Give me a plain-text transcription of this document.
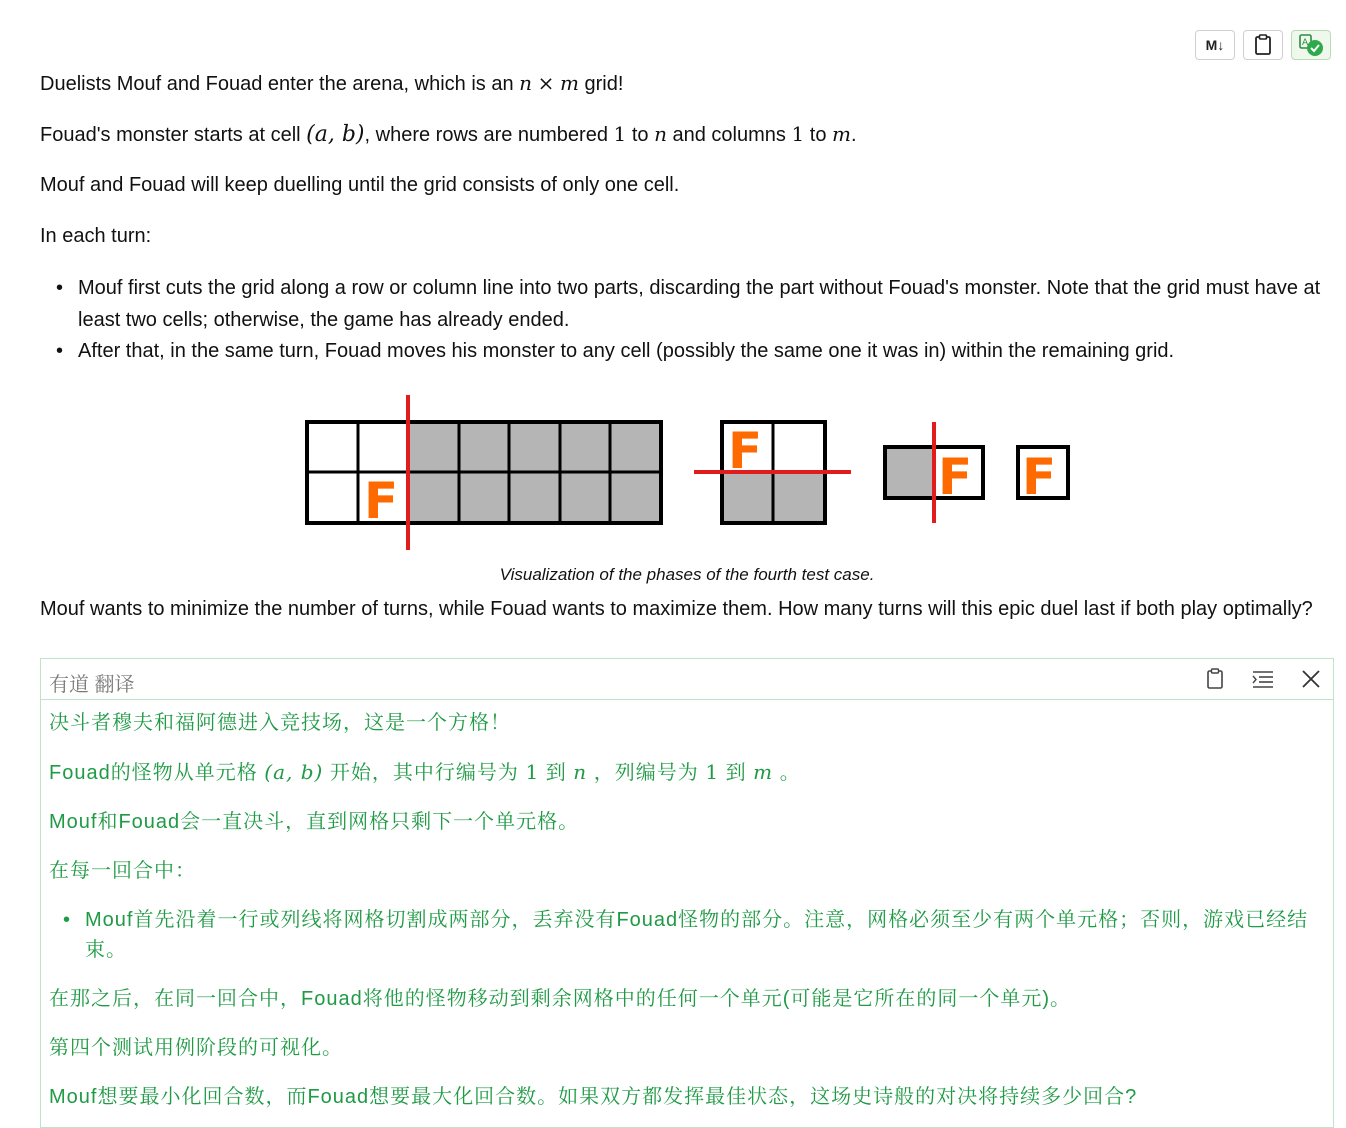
M↓	A

Duelists Mouf and Fouad enter the arena, which is an n × m grid!

Fouad's monster starts at cell (a, b), where rows are numbered 1 to n and columns 1 to m.

Mouf and Fouad will keep duelling until the grid consists of only one cell.

In each turn:

• Mouf first cuts the grid along a row or column line into two parts, discarding the part without Fouad's monster. Note that the grid must have at least two cells; otherwise, the game has already ended.
• After that, in the same turn, Fouad moves his monster to any cell (possibly the same one it was in) within the remaining grid.
F
F	F F
Visualization of the phases of the fourth test case.

Mouf wants to minimize the number of turns, while Fouad wants to maximize them. How many turns will this epic duel last if both play optimally?

有道 翻译

决斗者穆夫和福阿德进入竞技场，这是一个方格！

Fouad的怪物从单元格 (a, b) 开始，其中行编号为 1 到 n ，列编号为 1 到 m 。

Mouf和Fouad会一直决斗，直到网格只剩下一个单元格。

在每一回合中：

• Mouf首先沿着一行或列线将网格切割成两部分，丢弃没有Fouad怪物的部分。注意，网格必须至少有两个单元格；否则，游戏已经结束。

在那之后，在同一回合中，Fouad将他的怪物移动到剩余网格中的任何一个单元(可能是它所在的同一个单元)。

第四个测试用例阶段的可视化。

Mouf想要最小化回合数，而Fouad想要最大化回合数。如果双方都发挥最佳状态，这场史诗般的对决将持续多少回合?
